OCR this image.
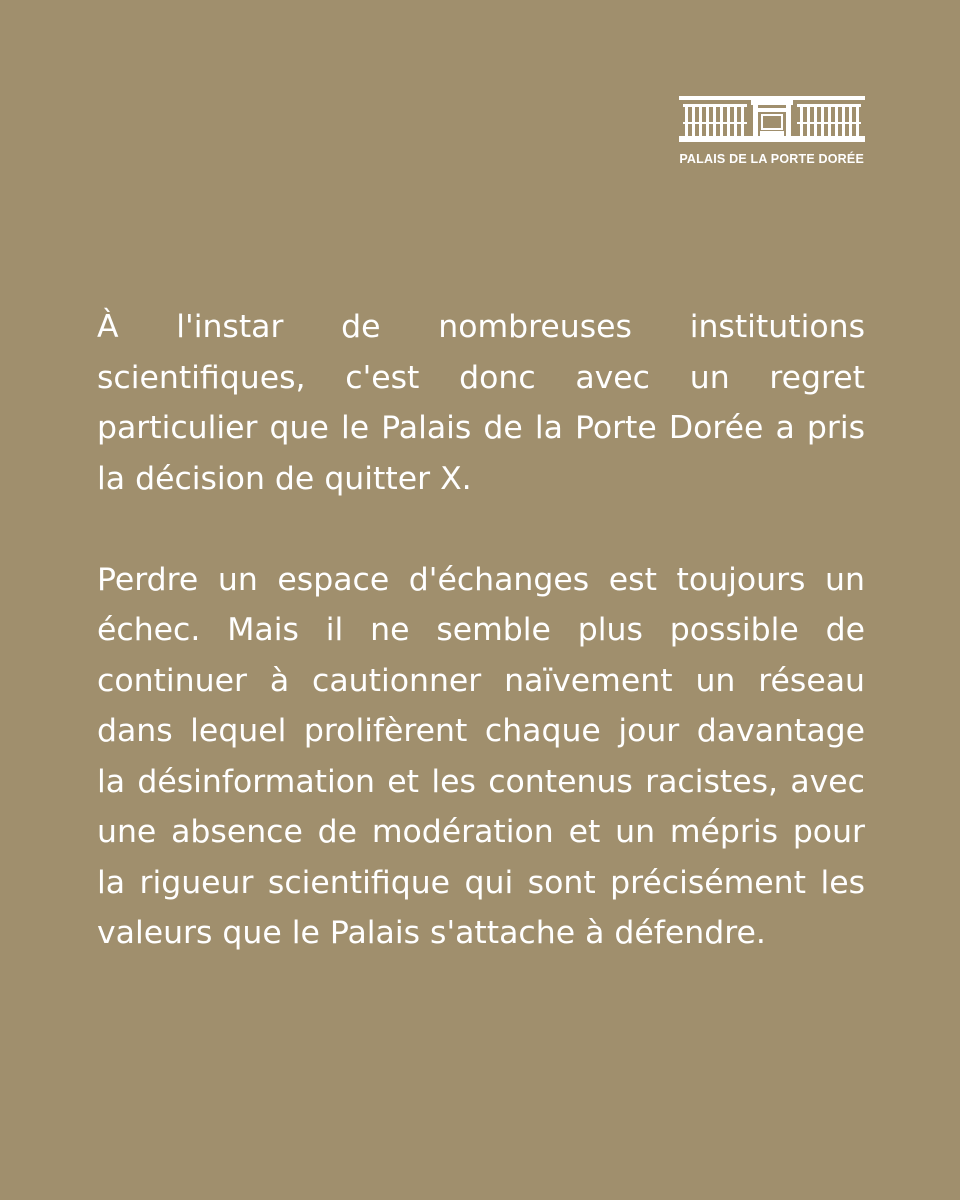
PALAIS DE LA PORTE DORÉE

À l'instar de nombreuses institutions scientifiques, c'est donc avec un regret particulier que le Palais de la Porte Dorée a pris la décision de quitter X.

Perdre un espace d'échanges est toujours un échec. Mais il ne semble plus possible de continuer à cautionner naïvement un réseau dans lequel prolifèrent chaque jour davantage la désinformation et les contenus racistes, avec une absence de modération et un mépris pour la rigueur scientifique qui sont précisément les valeurs que le Palais s'attache à défendre.
